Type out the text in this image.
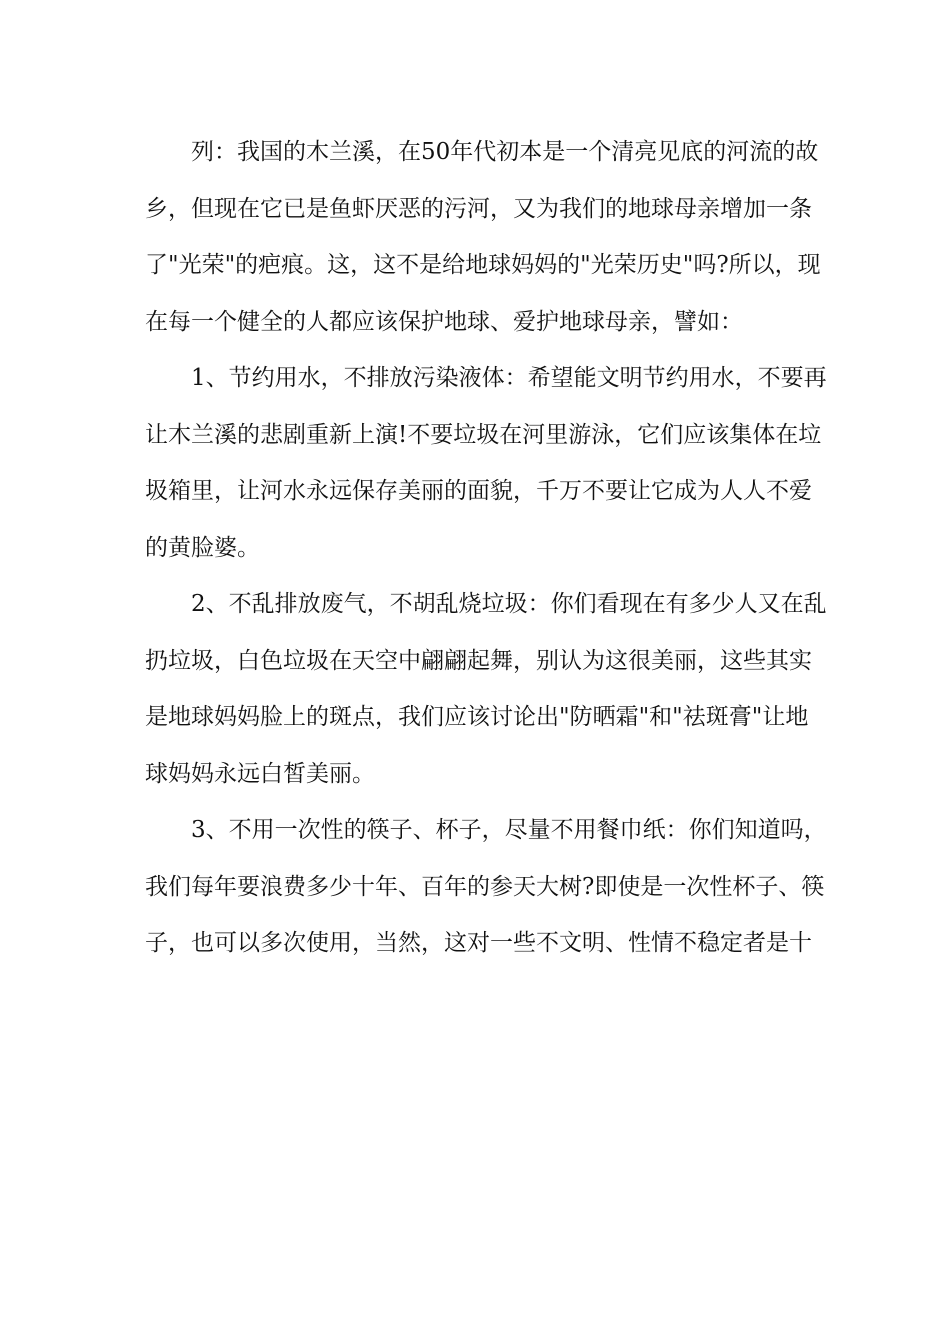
列：我国的木兰溪，在50年代初本是一个清亮见底的河流的故
乡，但现在它已是鱼虾厌恶的污河，又为我们的地球母亲增加一条
了"光荣"的疤痕。这，这不是给地球妈妈的"光荣历史"吗?所以，现
在每一个健全的人都应该保护地球、爱护地球母亲，譬如：
1、节约用水，不排放污染液体：希望能文明节约用水，不要再
让木兰溪的悲剧重新上演!不要垃圾在河里游泳，它们应该集体在垃
圾箱里，让河水永远保存美丽的面貌，千万不要让它成为人人不爱
的黄脸婆。
2、不乱排放废气，不胡乱烧垃圾：你们看现在有多少人又在乱
扔垃圾，白色垃圾在天空中翩翩起舞，别认为这很美丽，这些其实
是地球妈妈脸上的斑点，我们应该讨论出"防晒霜"和"祛斑膏"让地
球妈妈永远白皙美丽。
3、不用一次性的筷子、杯子，尽量不用餐巾纸：你们知道吗，
我们每年要浪费多少十年、百年的参天大树?即使是一次性杯子、筷
子，也可以多次使用，当然，这对一些不文明、性情不稳定者是十
